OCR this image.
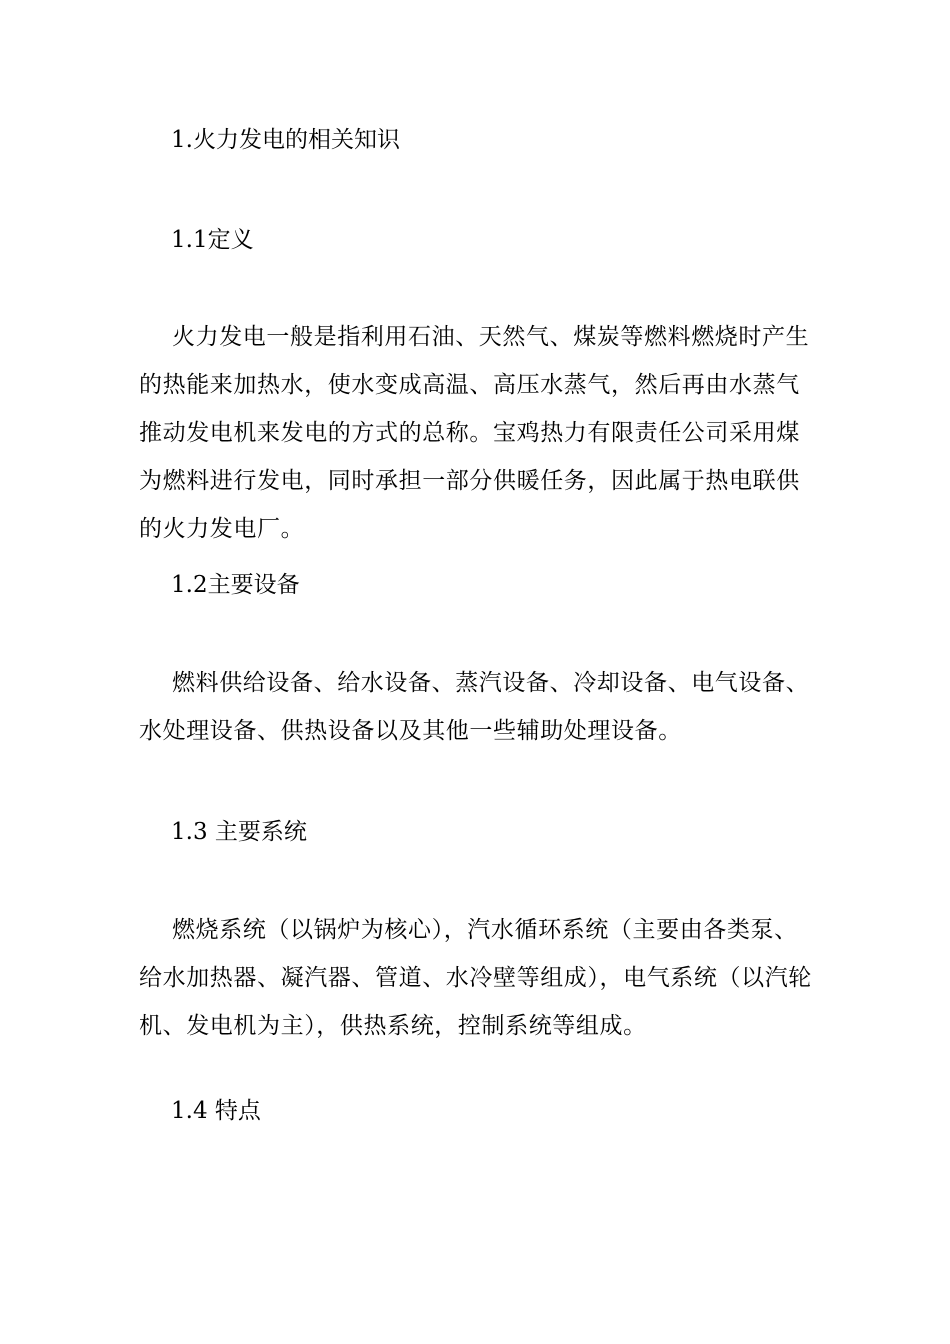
1.火力发电的相关知识
1.1定义
火力发电一般是指利用石油、天然气、煤炭等燃料燃烧时产生的热能来加热水，使水变成高温、高压水蒸气，然后再由水蒸气推动发电机来发电的方式的总称。宝鸡热力有限责任公司采用煤为燃料进行发电，同时承担一部分供暖任务，因此属于热电联供的火力发电厂。
1.2主要设备
燃料供给设备、给水设备、蒸汽设备、冷却设备、电气设备、水处理设备、供热设备以及其他一些辅助处理设备。
1.3 主要系统
燃烧系统（以锅炉为核心），汽水循环系统（主要由各类泵、给水加热器、凝汽器、管道、水冷壁等组成），电气系统（以汽轮机、发电机为主），供热系统，控制系统等组成。
1.4 特点
